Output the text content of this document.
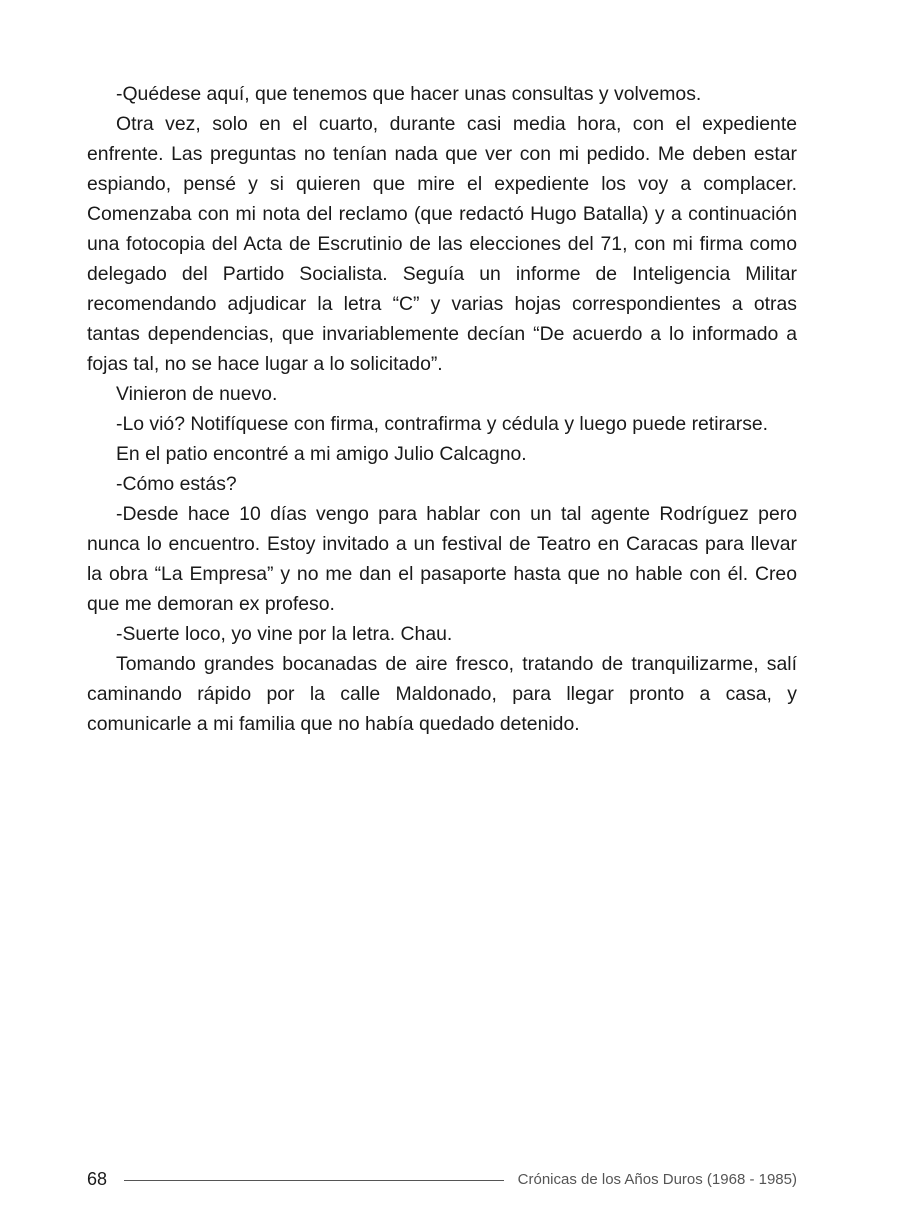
-Quédese aquí, que tenemos que hacer unas consultas y volvemos.

Otra vez, solo en el cuarto, durante casi media hora, con el expediente enfrente. Las preguntas no tenían nada que ver con mi pedido. Me deben estar espiando, pensé y si quieren que mire el expediente los voy a complacer. Comenzaba con mi nota del reclamo (que redactó Hugo Batalla) y a continuación una fotocopia del Acta de Escrutinio de las elecciones del 71, con mi firma como delegado del Partido Socialista. Seguía un informe de Inteligencia Militar recomendando adjudicar la letra “C” y varias hojas correspondientes a otras tantas dependencias, que invariablemente decían “De acuerdo a lo informado a fojas tal, no se hace lugar a lo solicitado”.

Vinieron de nuevo.

-Lo vió? Notifíquese con firma, contrafirma y cédula y luego puede retirarse.

En el patio encontré a mi amigo Julio Calcagno.

-Cómo estás?

-Desde hace 10 días vengo para hablar con un tal agente Rodríguez pero nunca lo encuentro. Estoy invitado a un festival de Teatro en Caracas para llevar la obra “La Empresa” y no me dan el pasaporte hasta que no hable con él. Creo que me demoran ex profeso.

-Suerte loco, yo vine por la letra. Chau.

Tomando grandes bocanadas de aire fresco, tratando de tranquilizarme, salí caminando rápido por la calle Maldonado, para llegar pronto a casa, y comunicarle a mi familia que no había quedado detenido.

68	Crónicas de los Años Duros (1968 - 1985)
